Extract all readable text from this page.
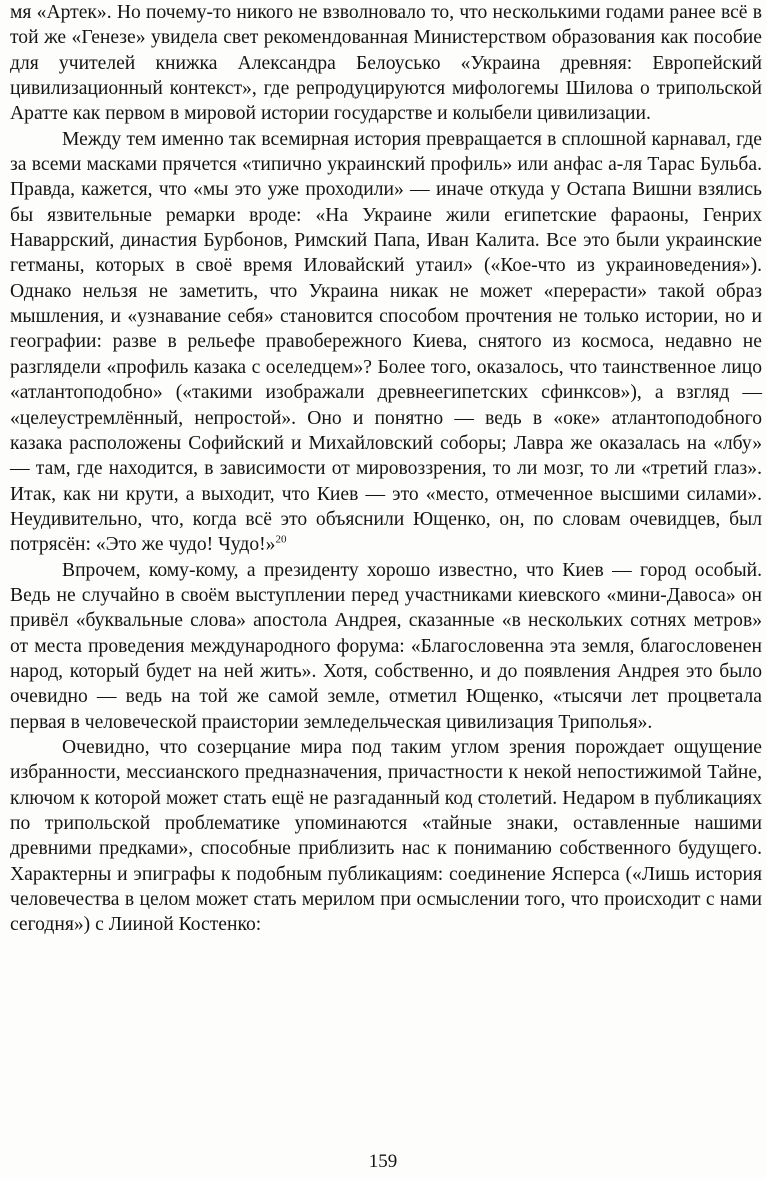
мя «Артек». Но почему-то никого не взволновало то, что несколькими годами ранее всё в той же «Генезе» увидела свет рекомендованная Министерством образования как пособие для учителей книжка Александра Белоусько «Украина древняя: Европейский цивилизационный контекст», где репродуцируются мифологемы Шилова о трипольской Аратте как первом в мировой истории государстве и колыбели цивилизации.

Между тем именно так всемирная история превращается в сплошной карнавал, где за всеми масками прячется «типично украинский профиль» или анфас а-ля Тарас Бульба. Правда, кажется, что «мы это уже проходили» — иначе откуда у Остапа Вишни взялись бы язвительные ремарки вроде: «На Украине жили египетские фараоны, Генрих Наваррский, династия Бурбонов, Римский Папа, Иван Калита. Все это были украинские гетманы, которых в своё время Иловайский утаил» («Кое-что из украиноведения»). Однако нельзя не заметить, что Украина никак не может «перерасти» такой образ мышления, и «узнавание себя» становится способом прочтения не только истории, но и географии: разве в рельефе правобережного Киева, снятого из космоса, недавно не разглядели «профиль казака с оселедцем»? Более того, оказалось, что таинственное лицо «атлантоподобно» («такими изображали древнеегипетских сфинксов»), а взгляд — «целеустремлённый, непростой». Оно и понятно — ведь в «оке» атлантоподобного казака расположены Софийский и Михайловский соборы; Лавра же оказалась на «лбу» — там, где находится, в зависимости от мировоззрения, то ли мозг, то ли «третий глаз». Итак, как ни крути, а выходит, что Киев — это «место, отмеченное высшими силами». Неудивительно, что, когда всё это объяснили Ющенко, он, по словам очевидцев, был потрясён: «Это же чудо! Чудо!»$^{20}$

Впрочем, кому-кому, а президенту хорошо известно, что Киев — город особый. Ведь не случайно в своём выступлении перед участниками киевского «мини-Давоса» он привёл «буквальные слова» апостола Андрея, сказанные «в нескольких сотнях метров» от места проведения международного форума: «Благословенна эта земля, благословенен народ, который будет на ней жить». Хотя, собственно, и до появления Андрея это было очевидно — ведь на той же самой земле, отметил Ющенко, «тысячи лет процветала первая в человеческой праистории земледельческая цивилизация Триполья».

Очевидно, что созерцание мира под таким углом зрения порождает ощущение избранности, мессианского предназначения, причастности к некой непостижимой Тайне, ключом к которой может стать ещё не разгаданный код столетий. Недаром в публикациях по трипольской проблематике упоминаются «тайные знаки, оставленные нашими древними предками», способные приблизить нас к пониманию собственного будущего. Характерны и эпиграфы к подобным публикациям: соединение Ясперса («Лишь история человечества в целом может стать мерилом при осмыслении того, что происходит с нами сегодня») с Лииной Костенко:

159
